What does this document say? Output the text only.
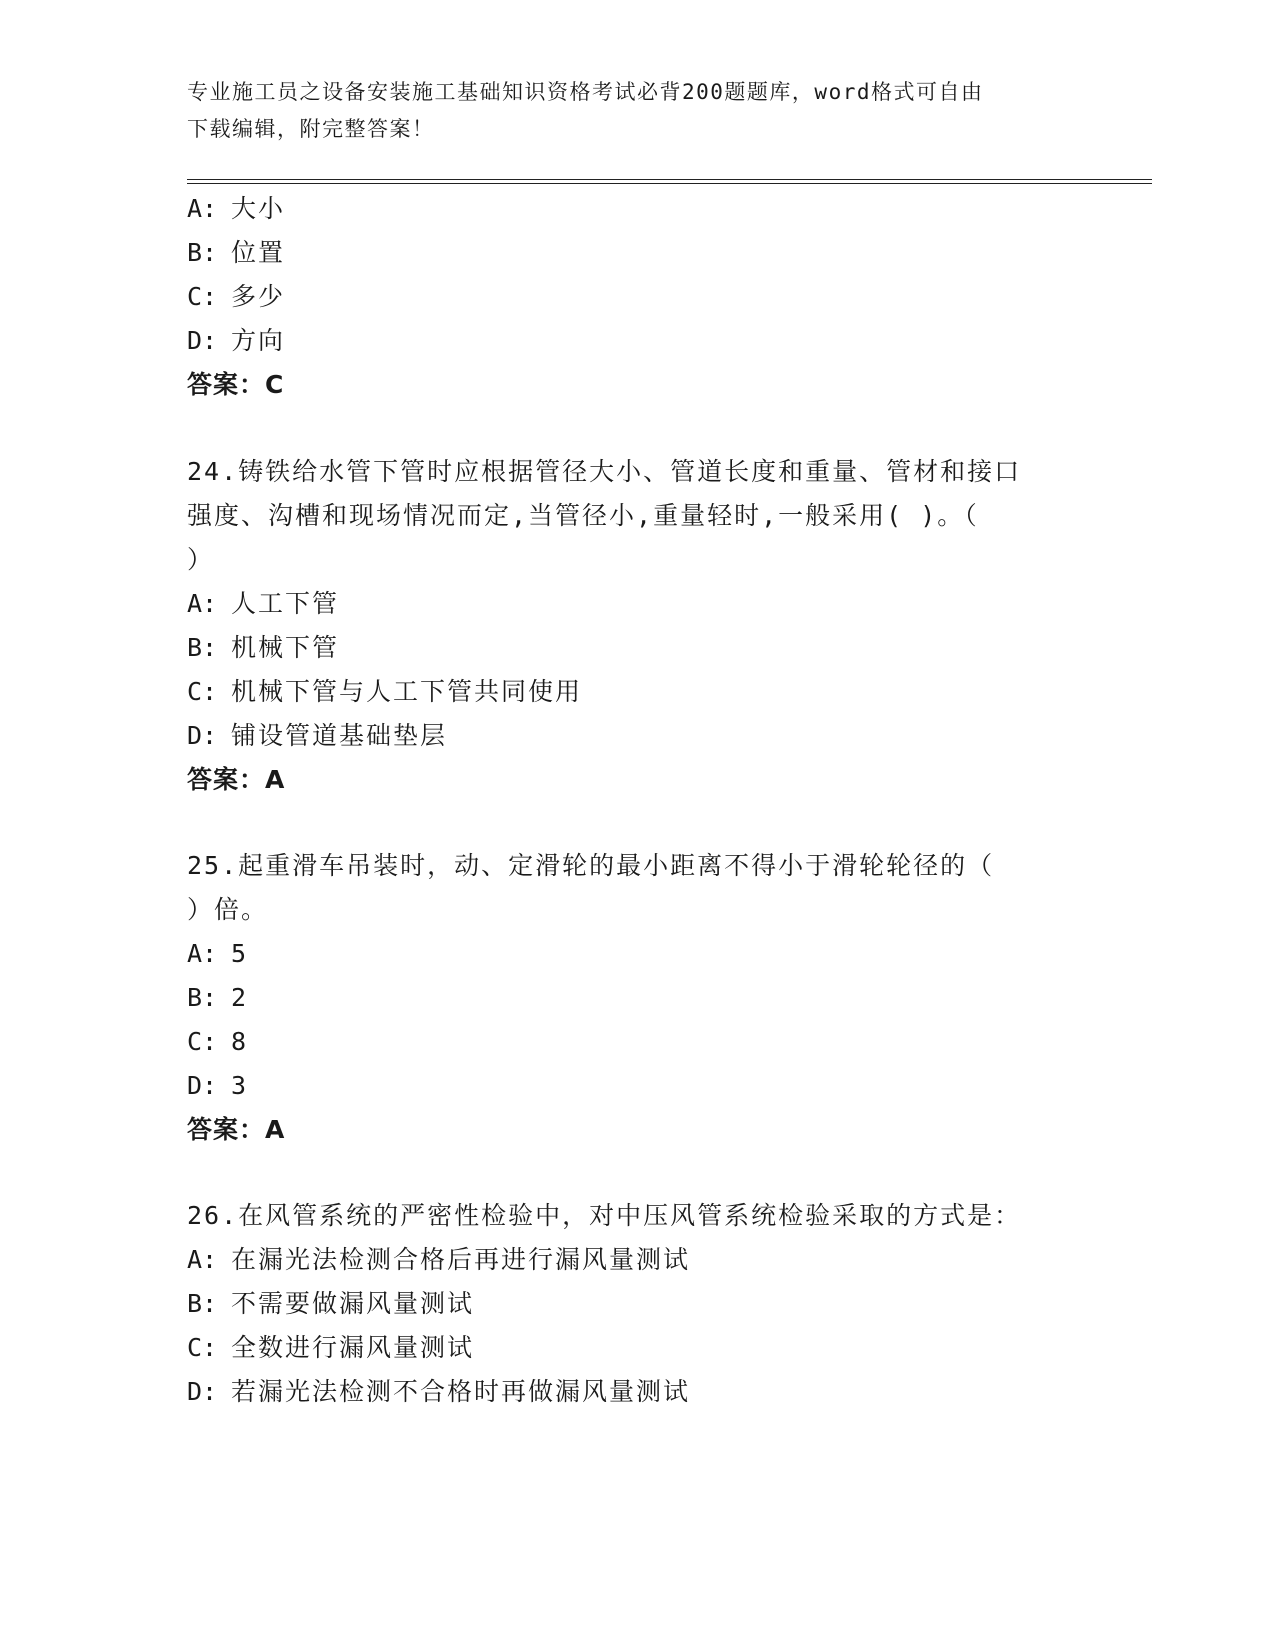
专业施工员之设备安装施工基础知识资格考试必背200题题库，word格式可自由
下载编辑，附完整答案！
A: 大小
B: 位置
C: 多少
D: 方向
答案：C
24.铸铁给水管下管时应根据管径大小、管道长度和重量、管材和接口
强度、沟槽和现场情况而定,当管径小,重量轻时,一般采用( )。（
）
A: 人工下管
B: 机械下管
C: 机械下管与人工下管共同使用
D: 铺设管道基础垫层
答案：A
25.起重滑车吊装时，动、定滑轮的最小距离不得小于滑轮轮径的（
）倍。
A: 5
B: 2
C: 8
D: 3
答案：A
26.在风管系统的严密性检验中，对中压风管系统检验采取的方式是：
A: 在漏光法检测合格后再进行漏风量测试
B: 不需要做漏风量测试
C: 全数进行漏风量测试
D: 若漏光法检测不合格时再做漏风量测试
